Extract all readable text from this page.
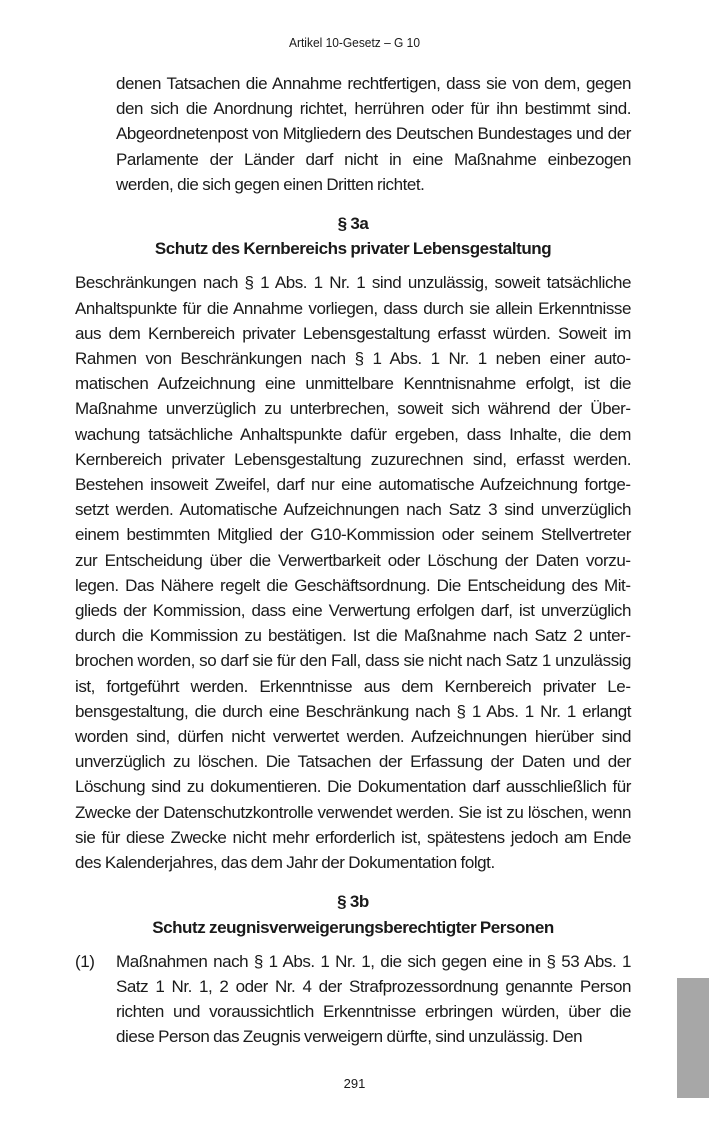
Artikel 10-Gesetz – G 10

denen Tatsachen die Annahme rechtfertigen, dass sie von dem, gegen den sich die Anordnung richtet, herrühren oder für ihn bestimmt sind. Abgeordnetenpost von Mitgliedern des Deutschen Bundestages und der Parlamente der Länder darf nicht in eine Maßnahme einbezogen werden, die sich gegen einen Dritten richtet.

§ 3a
Schutz des Kernbereichs privater Lebensgestaltung

Beschränkungen nach § 1 Abs. 1 Nr. 1 sind unzulässig, soweit tatsächliche Anhaltspunkte für die Annahme vorliegen, dass durch sie allein Erkenntnisse aus dem Kernbereich privater Lebensgestaltung erfasst würden. Soweit im Rahmen von Beschränkungen nach § 1 Abs. 1 Nr. 1 neben einer automatischen Aufzeichnung eine unmittelbare Kenntnisnahme erfolgt, ist die Maßnahme unverzüglich zu unterbrechen, soweit sich während der Überwachung tatsächliche Anhaltspunkte dafür ergeben, dass Inhalte, die dem Kernbereich privater Lebensgestaltung zuzurechnen sind, erfasst werden. Bestehen insoweit Zweifel, darf nur eine automatische Aufzeichnung fortgesetzt werden. Automatische Aufzeichnungen nach Satz 3 sind unverzüglich einem bestimmten Mitglied der G10-Kommission oder seinem Stellvertreter zur Entscheidung über die Verwertbarkeit oder Löschung der Daten vorzulegen. Das Nähere regelt die Geschäftsordnung. Die Entscheidung des Mitglieds der Kommission, dass eine Verwertung erfolgen darf, ist unverzüglich durch die Kommission zu bestätigen. Ist die Maßnahme nach Satz 2 unterbrochen worden, so darf sie für den Fall, dass sie nicht nach Satz 1 unzulässig ist, fortgeführt werden. Erkenntnisse aus dem Kernbereich privater Lebensgestaltung, die durch eine Beschränkung nach § 1 Abs. 1 Nr. 1 erlangt worden sind, dürfen nicht verwertet werden. Aufzeichnungen hierüber sind unverzüglich zu löschen. Die Tatsachen der Erfassung der Daten und der Löschung sind zu dokumentieren. Die Dokumentation darf ausschließlich für Zwecke der Datenschutzkontrolle verwendet werden. Sie ist zu löschen, wenn sie für diese Zwecke nicht mehr erforderlich ist, spätestens jedoch am Ende des Kalenderjahres, das dem Jahr der Dokumentation folgt.

§ 3b
Schutz zeugnisverweigerungsberechtigter Personen
(1)	Maßnahmen nach § 1 Abs. 1 Nr. 1, die sich gegen eine in § 53 Abs. 1 Satz 1 Nr. 1, 2 oder Nr. 4 der Strafprozessordnung genannte Person richten und voraussichtlich Erkenntnisse erbringen würden, über die diese Person das Zeugnis verweigern dürfte, sind unzulässig. Den
291
